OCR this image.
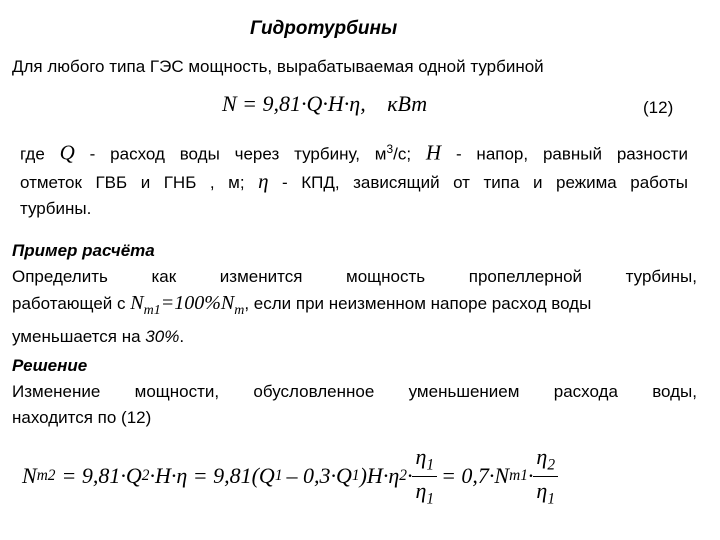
Гидротурбины
Для любого типа ГЭС мощность, вырабатываемая одной турбиной
N = 9,81·Q·H·η, кВт	(12)
где Q - расход воды через турбину, $м^3/с$; H - напор, равный разности
отметок ГВБ и ГНБ , м; η - КПД, зависящий от типа и режима работы
турбины.
Пример расчёта
Определить как изменится мощность пропеллерной турбины,
работающей с $N_{m1}=100\%N_m$, если при неизменном напоре расход воды
уменьшается на 30%.
Решение
Изменение мощности, обусловленное уменьшением расхода воды,
находится по (12)
N m2 = 9,81·Q 2 ·H·η = 9,81(Q 1 – 0,3·Q 1 )H·η $2 \cdot \frac{\eta_1}{\eta_1} = 0,7\cdot N$ $m1 \cdot \frac{\eta_2}{\eta_1}$
